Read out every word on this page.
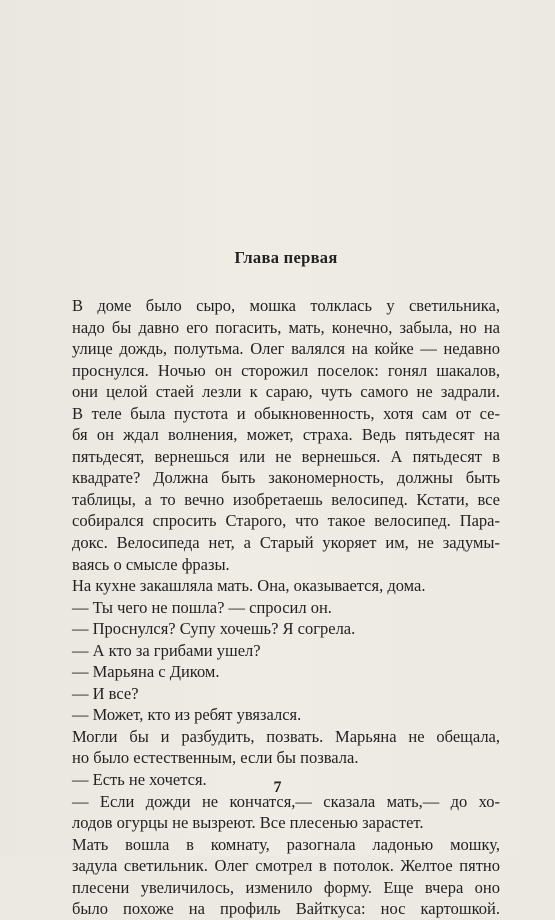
Глава первая
В доме было сыро, мошка толклась у светильника,
надо бы давно его погасить, мать, конечно, забыла, но на
улице дождь, полутьма. Олег валялся на койке — недавно
проснулся. Ночью он сторожил поселок: гонял шакалов,
они целой стаей лезли к сараю, чуть самого не задрали.
В теле была пустота и обыкновенность, хотя сам от се-
бя он ждал волнения, может, страха. Ведь пятьдесят на
пятьдесят, вернешься или не вернешься. А пятьдесят в
квадрате? Должна быть закономерность, должны быть
таблицы, а то вечно изобретаешь велосипед. Кстати, все
собирался спросить Старого, что такое велосипед. Пара-
докс. Велосипеда нет, а Старый укоряет им, не задумы-
ваясь о смысле фразы.
На кухне закашляла мать. Она, оказывается, дома.
— Ты чего не пошла? — спросил он.
— Проснулся? Супу хочешь? Я согрела.
— А кто за грибами ушел?
— Марьяна с Диком.
— И все?
— Может, кто из ребят увязался.
Могли бы и разбудить, позвать. Марьяна не обещала,
но было естественным, если бы позвала.
— Есть не хочется.
— Если дожди не кончатся,— сказала мать,— до хо-
лодов огурцы не вызреют. Все плесенью зарастет.
Мать вошла в комнату, разогнала ладонью мошку,
задула светильник. Олег смотрел в потолок. Желтое пятно
плесени увеличилось, изменило форму. Еще вчера оно
было похоже на профиль Вайткуса: нос картошкой.
7
